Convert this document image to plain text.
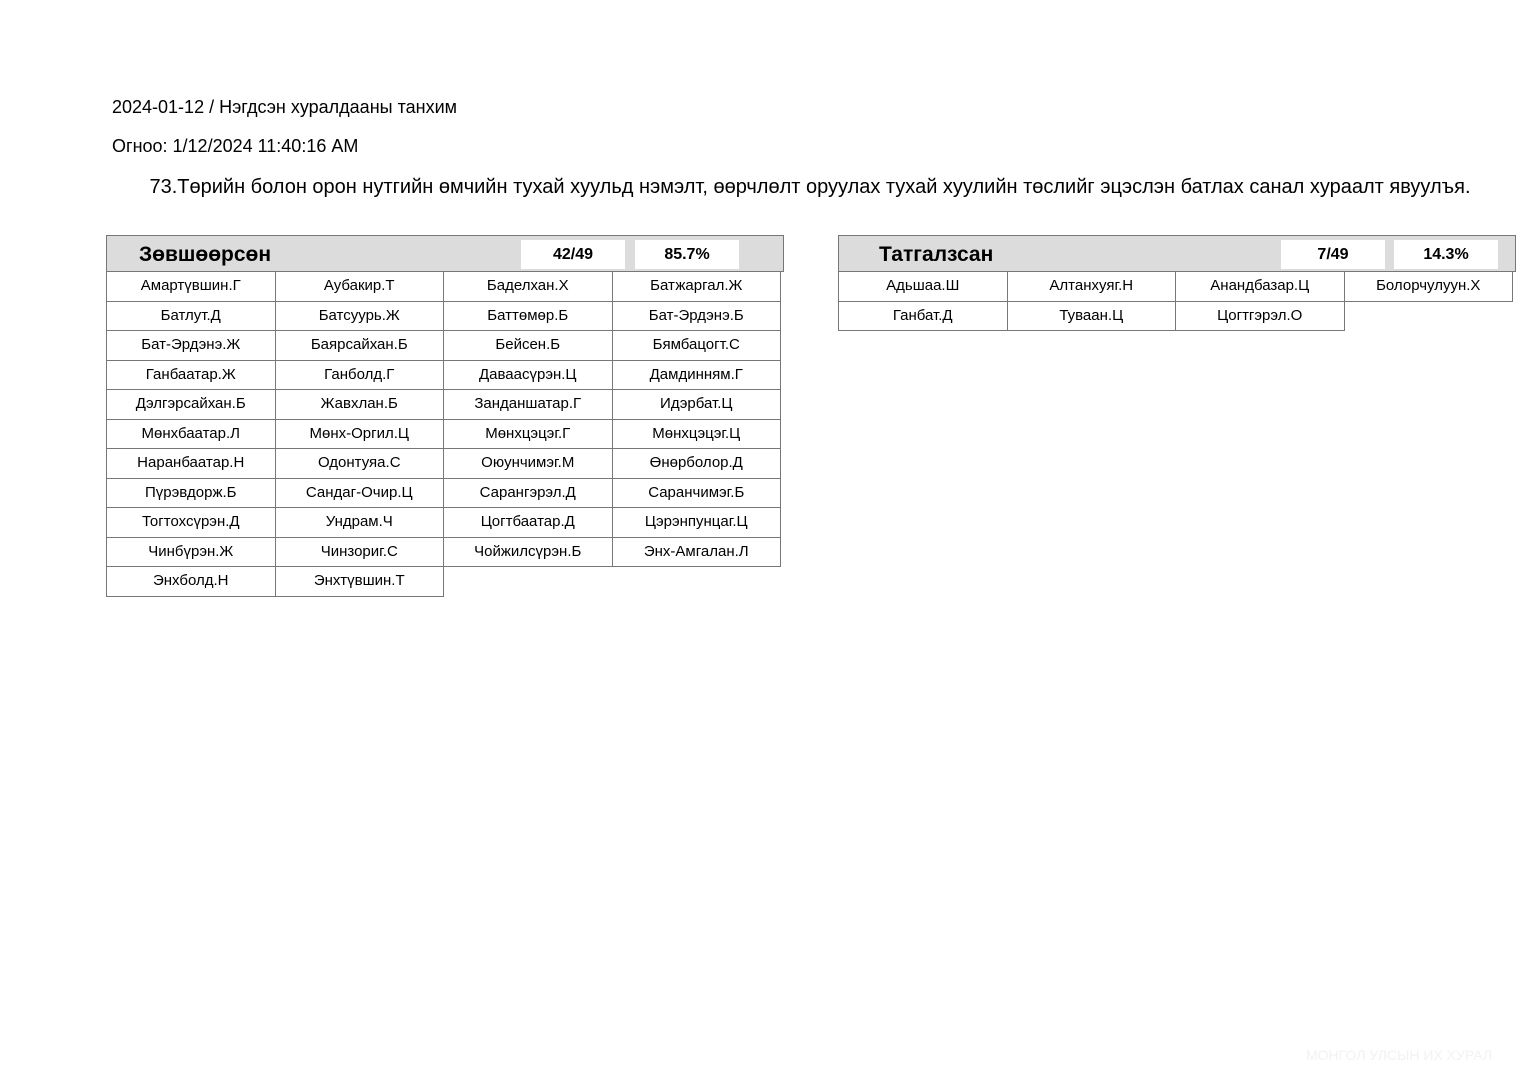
2024-01-12 / Нэгдсэн хуралдааны танхим
Огноо: 1/12/2024 11:40:16 AM
73.Төрийн болон орон нутгийн өмчийн тухай хуульд нэмэлт, өөрчлөлт оруулах тухай хуулийн төслийг эцэслэн батлах санал хураалт явуулъя.
Зөвшөөрсөн	42/49	85.7%
Амартүвшин.Г	Аубакир.Т	Баделхан.Х	Батжаргал.Ж
Батлут.Д	Батсуурь.Ж	Баттөмөр.Б	Бат-Эрдэнэ.Б
Бат-Эрдэнэ.Ж	Баярсайхан.Б	Бейсен.Б	Бямбацогт.С
Ганбаатар.Ж	Ганболд.Г	Даваасүрэн.Ц	Дамдинням.Г
Дэлгэрсайхан.Б	Жавхлан.Б	Занданшатар.Г	Идэрбат.Ц
Мөнхбаатар.Л	Мөнх-Оргил.Ц	Мөнхцэцэг.Г	Мөнхцэцэг.Ц
Наранбаатар.Н	Одонтуяа.С	Оюунчимэг.М	Өнөрболор.Д
Пүрэвдорж.Б	Сандаг-Очир.Ц	Сарангэрэл.Д	Саранчимэг.Б
Тогтохсүрэн.Д	Ундрам.Ч	Цогтбаатар.Д	Цэрэнпунцаг.Ц
Чинбүрэн.Ж	Чинзориг.С	Чойжилсүрэн.Б	Энх-Амгалан.Л
Энхболд.Н	Энхтүвшин.Т
Татгалзсан	7/49	14.3%
Адьшаа.Ш	Алтанхуяг.Н	Анандбазар.Ц	Болорчулуун.Х
Ганбат.Д	Туваан.Ц	Цогтгэрэл.О
МОНГОЛ УЛСЫН ИХ ХУРАЛ
